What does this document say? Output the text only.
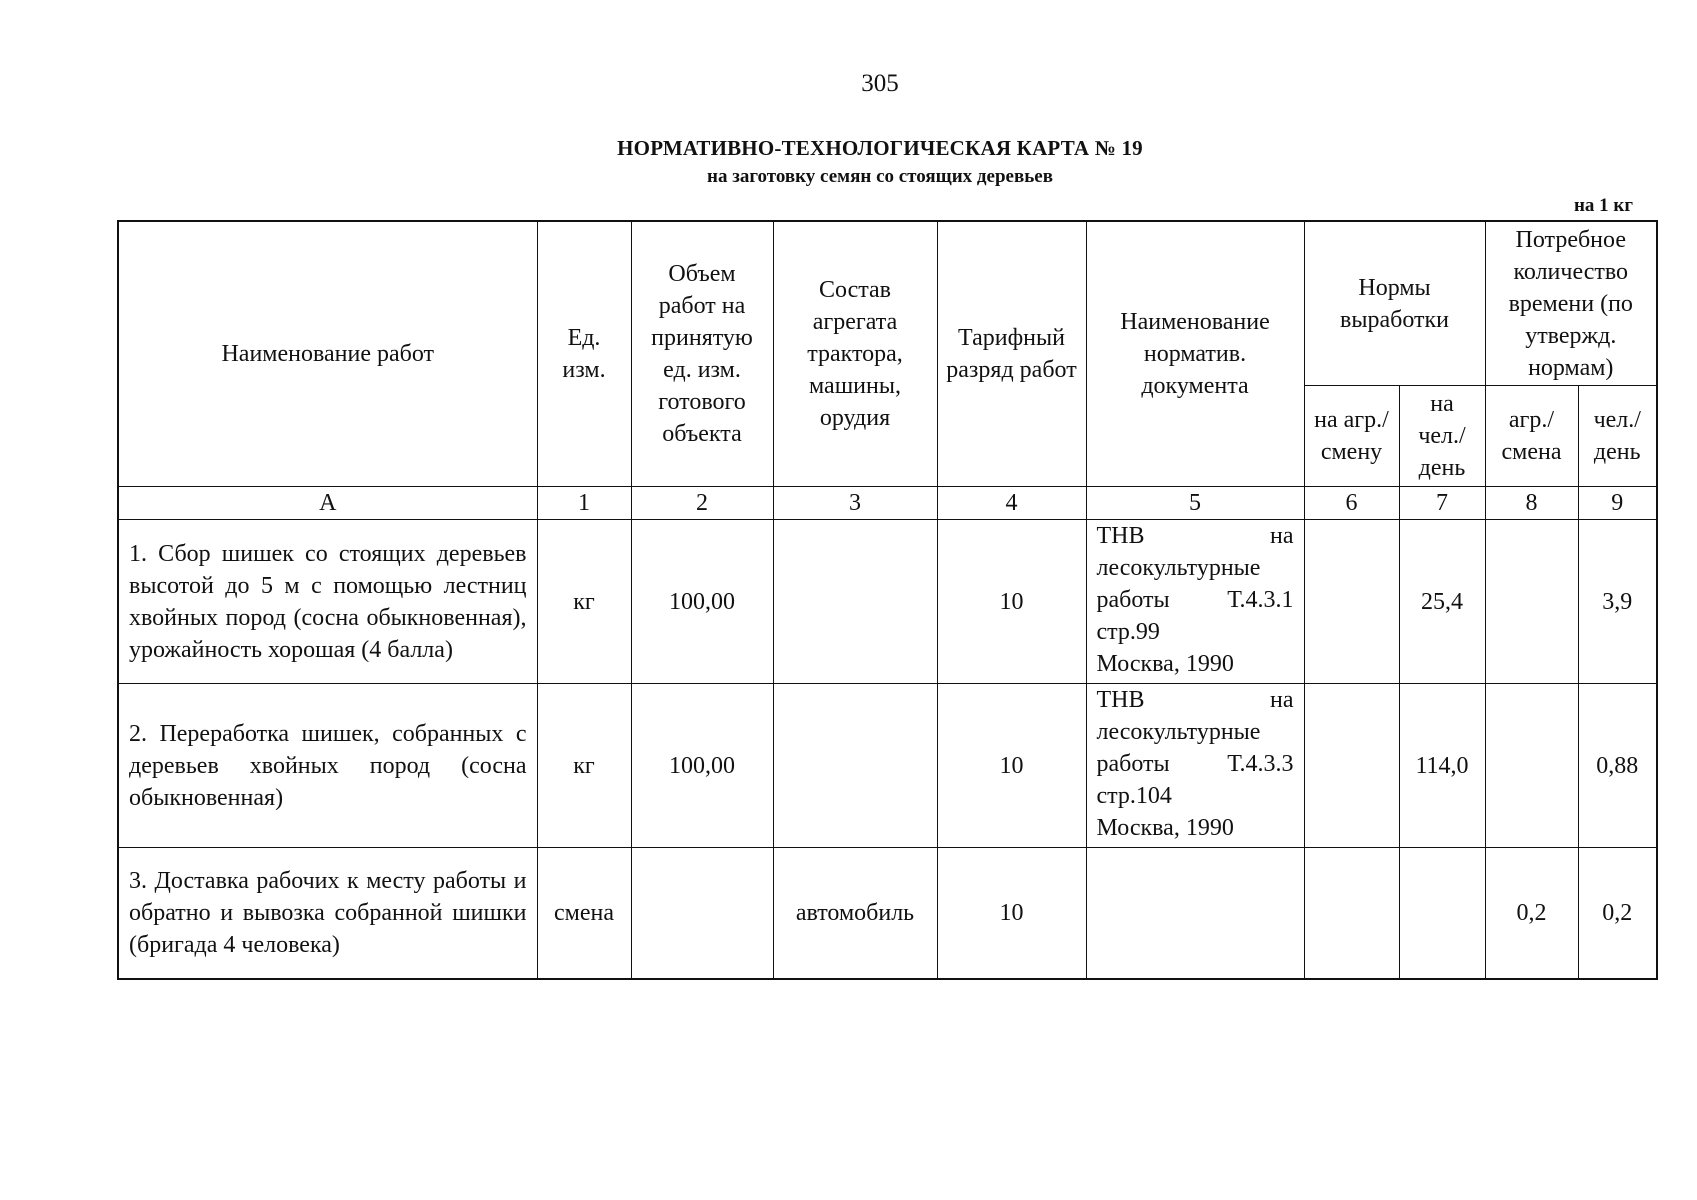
305
НОРМАТИВНО-ТЕХНОЛОГИЧЕСКАЯ КАРТА № 19
на заготовку семян со стоящих деревьев
на 1 кг
Наименование работ	Ед. изм.	Объем работ на принятую ед. изм. готового объекта	Состав агрегата трактора, машины, орудия	Тарифный разряд работ	Наименование норматив. документа	Нормы выработки		Потребное количество времени (по утвержд. нормам)	
						на агр./ смену	на чел./ день	агр./ смена	чел./ день
А	1	2	3	4	5	6	7	8	9
1. Сбор шишек со стоящих деревьев высотой до 5 м с помощью лестниц хвойных пород (сосна обыкновенная), урожайность хорошая (4 балла)	кг	100,00		10	ТНВ на
лесокультурные работы Т.4.3.1 стр.99
Москва, 1990		25,4		3,9
2. Переработка шишек, собранных с деревьев хвойных пород (сосна обыкновенная)	кг	100,00		10	ТНВ на
лесокультурные работы Т.4.3.3 стр.104
Москва, 1990		114,0		0,88
3. Доставка рабочих к месту работы и обратно и вывозка собранной шишки (бригада 4 человека)	смена		автомобиль	10				0,2	0,2
